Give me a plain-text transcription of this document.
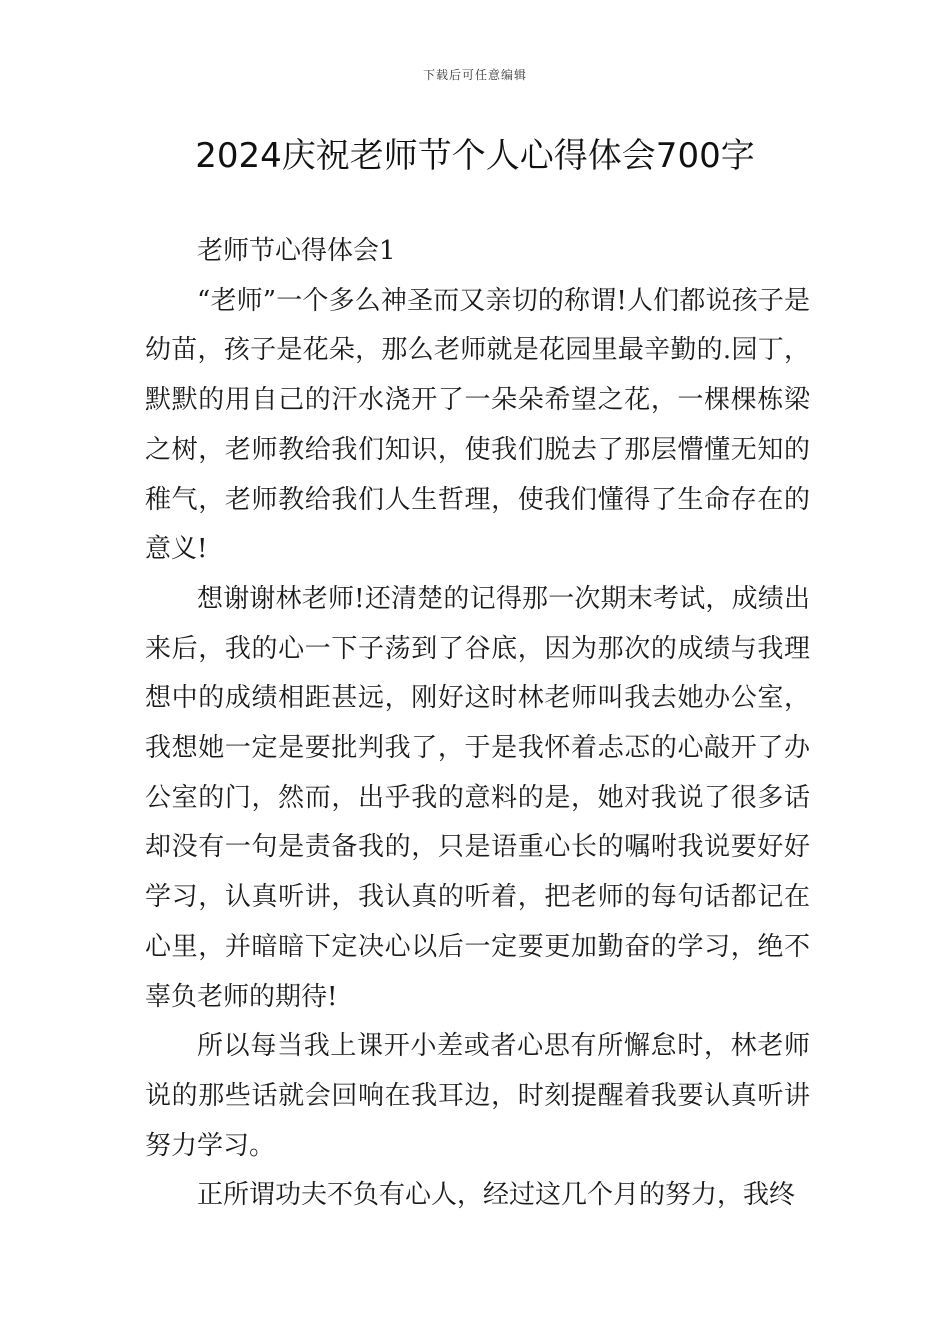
下载后可任意编辑
2024庆祝老师节个人心得体会700字

老师节心得体会1

“老师”一个多么神圣而又亲切的称谓!人们都说孩子是幼苗，孩子是花朵，那么老师就是花园里最辛勤的.园丁，默默的用自己的汗水浇开了一朵朵希望之花，一棵棵栋梁之树，老师教给我们知识，使我们脱去了那层懵懂无知的稚气，老师教给我们人生哲理，使我们懂得了生命存在的意义!

想谢谢林老师!还清楚的记得那一次期末考试，成绩出来后，我的心一下子荡到了谷底，因为那次的成绩与我理想中的成绩相距甚远，刚好这时林老师叫我去她办公室，我想她一定是要批判我了，于是我怀着忐忑的心敲开了办公室的门，然而，出乎我的意料的是，她对我说了很多话却没有一句是责备我的，只是语重心长的嘱咐我说要好好学习，认真听讲，我认真的听着，把老师的每句话都记在心里，并暗暗下定决心以后一定要更加勤奋的学习，绝不辜负老师的期待!

所以每当我上课开小差或者心思有所懈怠时，林老师说的那些话就会回响在我耳边，时刻提醒着我要认真听讲努力学习。

正所谓功夫不负有心人，经过这几个月的努力，我终
